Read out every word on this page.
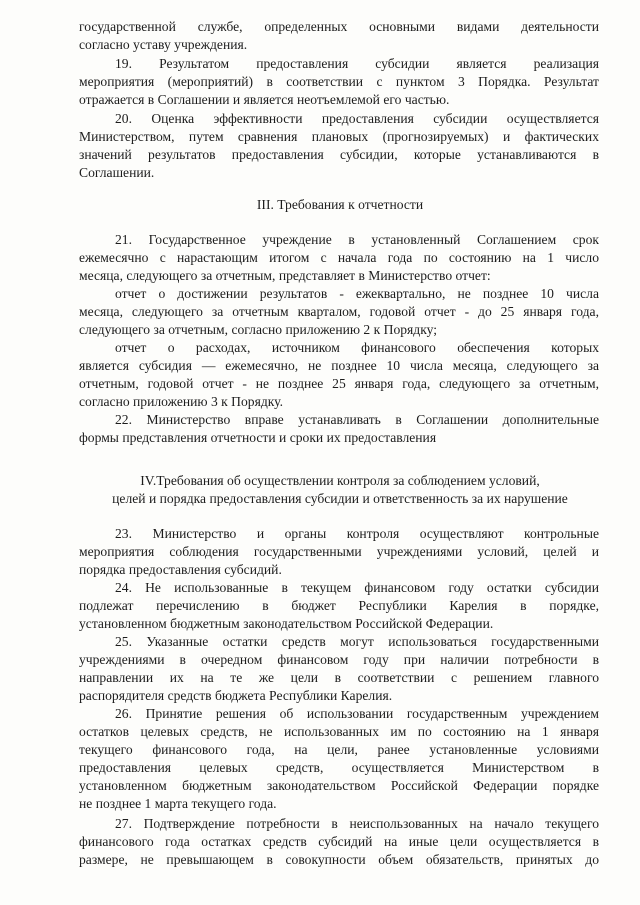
государственной службе, определенных основными видами деятельности
согласно уставу учреждения.
19. Результатом предоставления субсидии является реализация
мероприятия (мероприятий) в соответствии с пунктом 3 Порядка. Результат
отражается в Соглашении и является неотъемлемой его частью.
20. Оценка эффективности предоставления субсидии осуществляется
Министерством, путем сравнения плановых (прогнозируемых) и фактических
значений результатов предоставления субсидии, которые устанавливаются в
Соглашении.
III. Требования к отчетности
21. Государственное учреждение в установленный Соглашением срок
ежемесячно с нарастающим итогом с начала года по состоянию на 1 число
месяца, следующего за отчетным, представляет в Министерство отчет:
отчет о достижении результатов - ежеквартально, не позднее 10 числа
месяца, следующего за отчетным кварталом, годовой отчет - до 25 января года,
следующего за отчетным, согласно приложению 2 к Порядку;
отчет о расходах, источником финансового обеспечения которых
является субсидия — ежемесячно, не позднее 10 числа месяца, следующего за
отчетным, годовой отчет - не позднее 25 января года, следующего за отчетным,
согласно приложению 3 к Порядку.
22. Министерство вправе устанавливать в Соглашении дополнительные
формы представления отчетности и сроки их предоставления
IV.Требования об осуществлении контроля за соблюдением условий,
целей и порядка предоставления субсидии и ответственность за их нарушение
23. Министерство и органы контроля осуществляют контрольные
мероприятия соблюдения государственными учреждениями условий, целей и
порядка предоставления субсидий.
24. Не использованные в текущем финансовом году остатки субсидии
подлежат перечислению в бюджет Республики Карелия в порядке,
установленном бюджетным законодательством Российской Федерации.
25. Указанные остатки средств могут использоваться государственными
учреждениями в очередном финансовом году при наличии потребности в
направлении их на те же цели в соответствии с решением главного
распорядителя средств бюджета Республики Карелия.
26. Принятие решения об использовании государственным учреждением
остатков целевых средств, не использованных им по состоянию на 1 января
текущего финансового года, на цели, ранее установленные условиями
предоставления целевых средств, осуществляется Министерством в
установленном бюджетным законодательством Российской Федерации порядке
не позднее 1 марта текущего года.
27. Подтверждение потребности в неиспользованных на начало текущего
финансового года остатках средств субсидий на иные цели осуществляется в
размере, не превышающем в совокупности объем обязательств, принятых до
